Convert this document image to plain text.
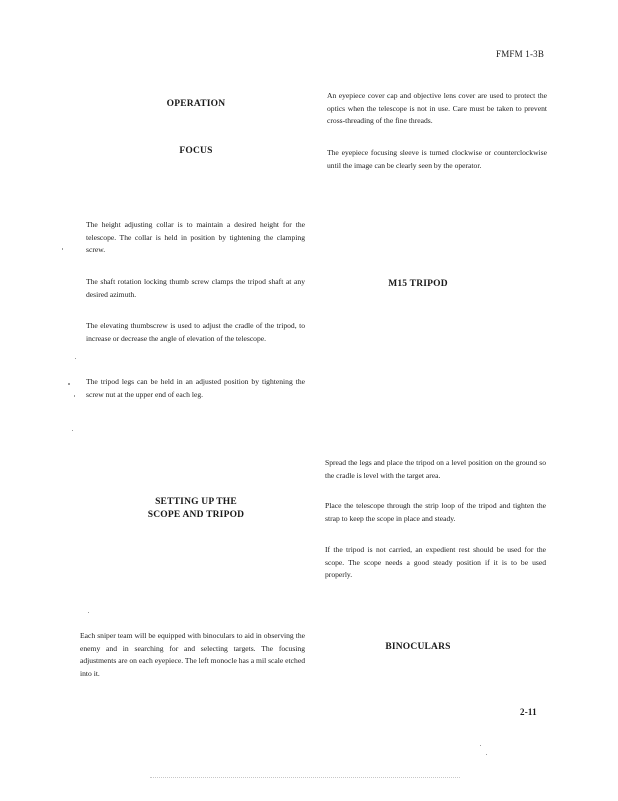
FMFM 1-3B
OPERATION
FOCUS
The height adjusting collar is to maintain a desired height for the telescope. The collar is held in position by tightening the clamping screw.
The shaft rotation locking thumb screw clamps the tripod shaft at any desired azimuth.
The elevating thumbscrew is used to adjust the cradle of the tripod, to increase or decrease the angle of elevation of the telescope.
The tripod legs can be held in an adjusted position by tightening the screw nut at the upper end of each leg.
SETTING UP THE
SCOPE AND TRIPOD
Each sniper team will be equipped with binoculars to aid in observing the enemy and in searching for and selecting targets. The focusing adjustments are on each eyepiece. The left monocle has a mil scale etched into it.
An eyepiece cover cap and objective lens cover are used to protect the optics when the telescope is not in use. Care must be taken to prevent cross-threading of the fine threads.
The eyepiece focusing sleeve is turned clockwise or counterclockwise until the image can be clearly seen by the operator.
M15 TRIPOD
Spread the legs and place the tripod on a level position on the ground so the cradle is level with the target area.
Place the telescope through the strip loop of the tripod and tighten the strap to keep the scope in place and steady.
If the tripod is not carried, an expedient rest should be used for the scope. The scope needs a good steady position if it is to be used properly.
BINOCULARS
2-11
